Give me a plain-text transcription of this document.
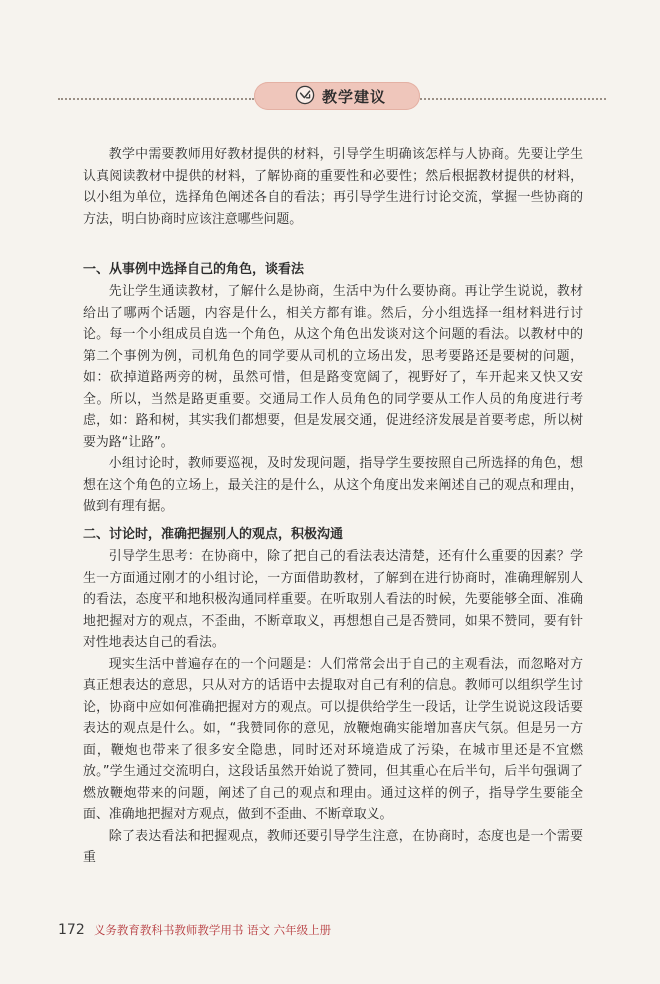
教学建议

教学中需要教师用好教材提供的材料，引导学生明确该怎样与人协商。先要让学生认真阅读教材中提供的材料，了解协商的重要性和必要性；然后根据教材提供的材料，以小组为单位，选择角色阐述各自的看法；再引导学生进行讨论交流，掌握一些协商的方法，明白协商时应该注意哪些问题。

一、从事例中选择自己的角色，谈看法

先让学生通读教材，了解什么是协商，生活中为什么要协商。再让学生说说，教材给出了哪两个话题，内容是什么，相关方都有谁。然后，分小组选择一组材料进行讨论。每一个小组成员自选一个角色，从这个角色出发谈对这个问题的看法。以教材中的第二个事例为例，司机角色的同学要从司机的立场出发，思考要路还是要树的问题，如：砍掉道路两旁的树，虽然可惜，但是路变宽阔了，视野好了，车开起来又快又安全。所以，当然是路更重要。交通局工作人员角色的同学要从工作人员的角度进行考虑，如：路和树，其实我们都想要，但是发展交通，促进经济发展是首要考虑，所以树要为路“让路”。

小组讨论时，教师要巡视，及时发现问题，指导学生要按照自己所选择的角色，想想在这个角色的立场上，最关注的是什么，从这个角度出发来阐述自己的观点和理由，做到有理有据。

二、讨论时，准确把握别人的观点，积极沟通

引导学生思考：在协商中，除了把自己的看法表达清楚，还有什么重要的因素？学生一方面通过刚才的小组讨论，一方面借助教材，了解到在进行协商时，准确理解别人的看法，态度平和地积极沟通同样重要。在听取别人看法的时候，先要能够全面、准确地把握对方的观点，不歪曲，不断章取义，再想想自己是否赞同，如果不赞同，要有针对性地表达自己的看法。

现实生活中普遍存在的一个问题是：人们常常会出于自己的主观看法，而忽略对方真正想表达的意思，只从对方的话语中去提取对自己有利的信息。教师可以组织学生讨论，协商中应如何准确把握对方的观点。可以提供给学生一段话，让学生说说这段话要表达的观点是什么。如，“我赞同你的意见，放鞭炮确实能增加喜庆气氛。但是另一方面，鞭炮也带来了很多安全隐患，同时还对环境造成了污染，在城市里还是不宜燃放。”学生通过交流明白，这段话虽然开始说了赞同，但其重心在后半句，后半句强调了燃放鞭炮带来的问题，阐述了自己的观点和理由。通过这样的例子，指导学生要能全面、准确地把握对方观点，做到不歪曲、不断章取义。

除了表达看法和把握观点，教师还要引导学生注意，在协商时，态度也是一个需要重

172 义务教育教科书教师教学用书 语文 六年级上册
